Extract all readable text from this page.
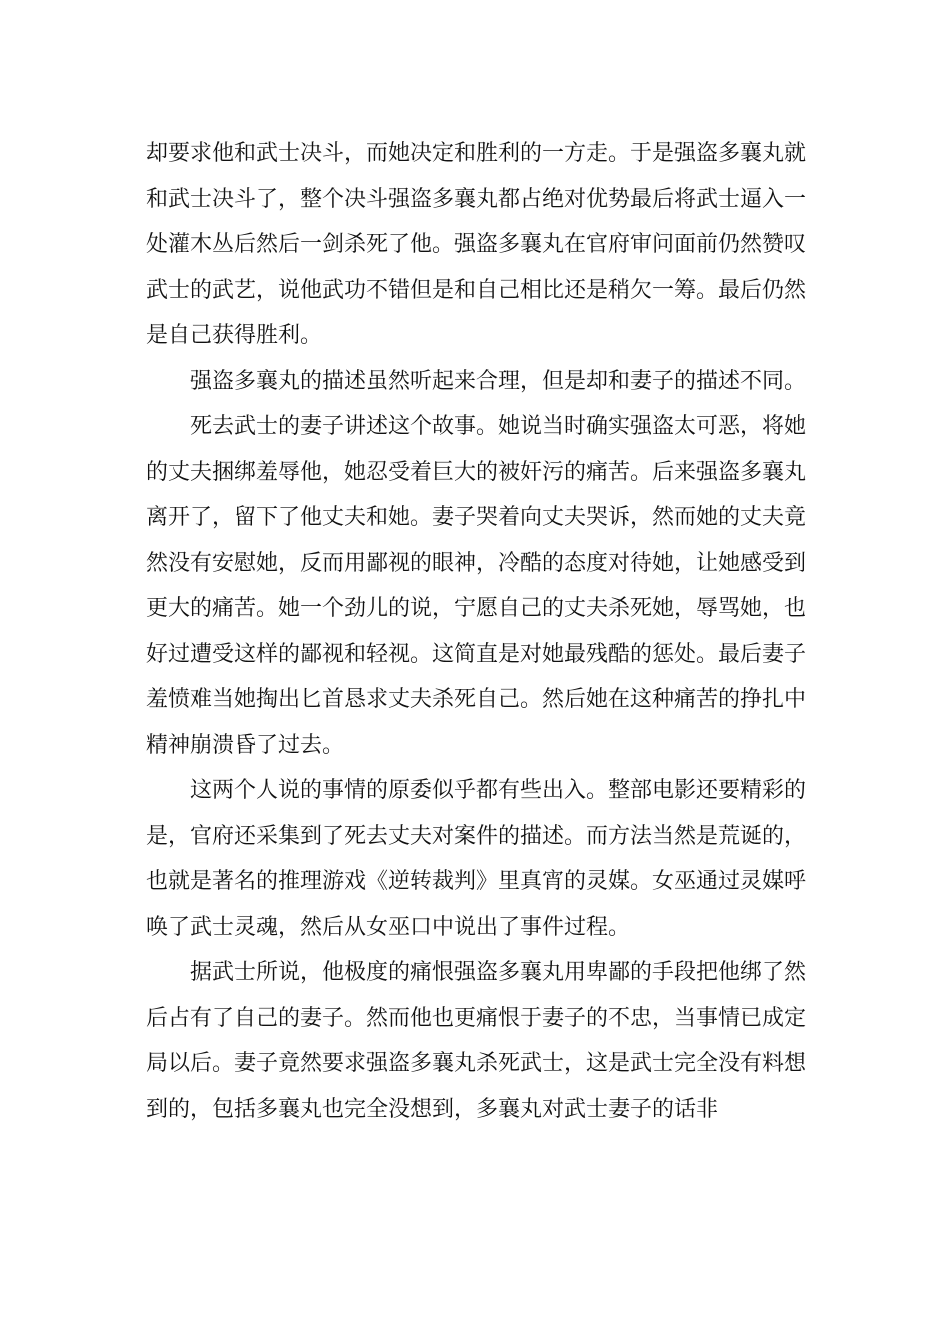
却要求他和武士决斗，而她决定和胜利的一方走。于是强盗多襄丸就和武士决斗了，整个决斗强盗多襄丸都占绝对优势最后将武士逼入一处灌木丛后然后一剑杀死了他。强盗多襄丸在官府审问面前仍然赞叹武士的武艺，说他武功不错但是和自己相比还是稍欠一筹。最后仍然是自己获得胜利。

强盗多襄丸的描述虽然听起来合理，但是却和妻子的描述不同。

死去武士的妻子讲述这个故事。她说当时确实强盗太可恶，将她的丈夫捆绑羞辱他，她忍受着巨大的被奸污的痛苦。后来强盗多襄丸离开了，留下了他丈夫和她。妻子哭着向丈夫哭诉，然而她的丈夫竟然没有安慰她，反而用鄙视的眼神，冷酷的态度对待她，让她感受到更大的痛苦。她一个劲儿的说，宁愿自己的丈夫杀死她，辱骂她，也好过遭受这样的鄙视和轻视。这简直是对她最残酷的惩处。最后妻子羞愤难当她掏出匕首恳求丈夫杀死自己。然后她在这种痛苦的挣扎中精神崩溃昏了过去。

这两个人说的事情的原委似乎都有些出入。整部电影还要精彩的是，官府还采集到了死去丈夫对案件的描述。而方法当然是荒诞的，也就是著名的推理游戏《逆转裁判》里真宵的灵媒。女巫通过灵媒呼唤了武士灵魂，然后从女巫口中说出了事件过程。

据武士所说，他极度的痛恨强盗多襄丸用卑鄙的手段把他绑了然后占有了自己的妻子。然而他也更痛恨于妻子的不忠，当事情已成定局以后。妻子竟然要求强盗多襄丸杀死武士，这是武士完全没有料想到的，包括多襄丸也完全没想到，多襄丸对武士妻子的话非
